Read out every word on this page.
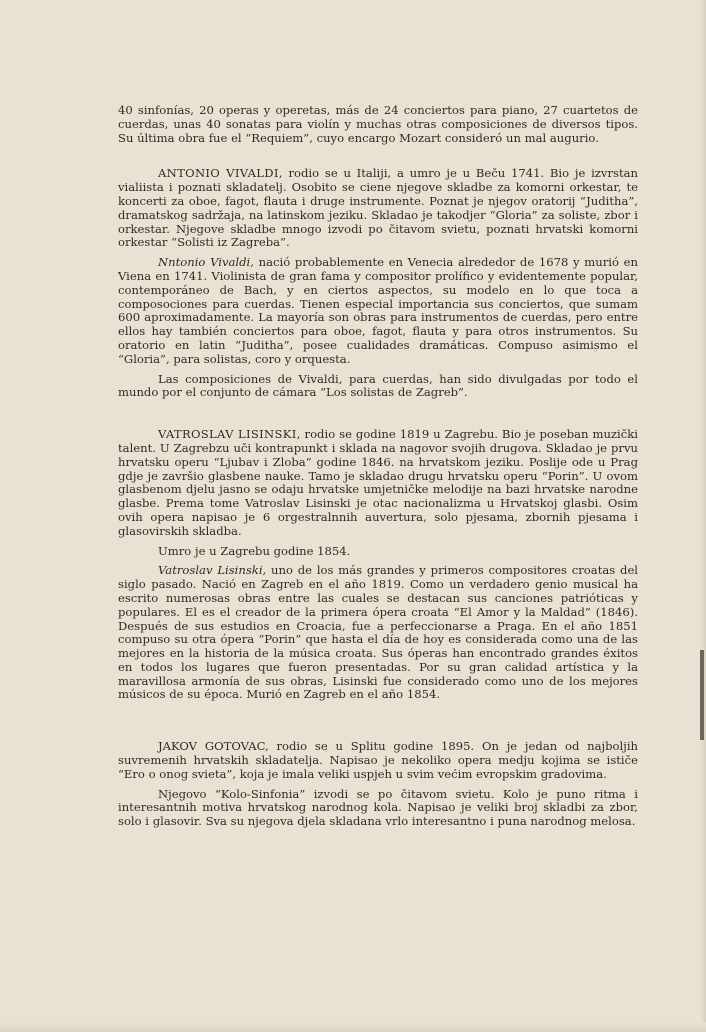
40 sinfonías, 20 operas y operetas, más de 24 conciertos para piano, 27 cuartetos de cuerdas, unas 40 sonatas para violín y muchas otras composiciones de diversos tipos. Su última obra fue el “Requiem”, cuyo encargo Mozart consideró un mal augurio.

ANTONIO VIVALDI, rodio se u Italiji, a umro je u Beču 1741. Bio je izvrstan vialiista i poznati skladatelj. Osobito se ciene njegove skladbe za komorni orkestar, te koncerti za oboe, fagot, flauta i druge instrumente. Poznat je njegov oratorij “Juditha”, dramatskog sadržaja, na latinskom jeziku. Skladao je takodjer “Gloria” za soliste, zbor i orkestar. Njegove skladbe mnogo izvodi po čitavom svietu, poznati hrvatski komorni orkestar “Solisti iz Zagreba”.

Nntonio Vivaldi, nació probablemente en Venecia alrededor de 1678 y murió en Viena en 1741. Violinista de gran fama y compositor prolífico y evidentemente popular, contemporáneo de Bach, y en ciertos aspectos, su modelo en lo que toca a composociones para cuerdas. Tienen especial importancia sus conciertos, que sumam 600 aproximadamente. La mayoría son obras para instrumentos de cuerdas, pero entre ellos hay también conciertos para oboe, fagot, flauta y para otros instrumentos. Su oratorio en latin “Juditha”, posee cualidades dramáticas. Compuso asimismo el “Gloria”, para solistas, coro y orquesta.

Las composiciones de Vivaldi, para cuerdas, han sido divulgadas por todo el mundo por el conjunto de cámara “Los solistas de Zagreb”.

VATROSLAV LISINSKI, rodio se godine 1819 u Zagrebu. Bio je poseban muzički talent. U Zagrebzu uči kontrapunkt i sklada na nagovor svojih drugova. Skladao je prvu hrvatsku operu “Ljubav i Zloba” godine 1846. na hrvatskom jeziku. Poslije ode u Prag gdje je završio glasbene nauke. Tamo je skladao drugu hrvatsku operu “Porin”. U ovom glasbenom djelu jasno se odaju hrvatske umjetničke melodije na bazi hrvatske narodne glasbe. Prema tome Vatroslav Lisinski je otac nacionalizma u Hrvatskoj glasbi. Osim ovih opera napisao je 6 orgestralnnih auvertura, solo pjesama, zbornih pjesama i glasovirskih skladba.

Umro je u Zagrebu godine 1854.

Vatroslav Lisinski, uno de los más grandes y primeros compositores croatas del siglo pasado. Nació en Zagreb en el año 1819. Como un verdadero genio musical ha escrito numerosas obras entre las cuales se destacan sus canciones patrióticas y populares. El es el creador de la primera ópera croata “El Amor y la Maldad” (1846). Después de sus estudios en Croacia, fue a perfeccionarse a Praga. En el año 1851 compuso su otra ópera “Porin” que hasta el día de hoy es considerada como una de las mejores en la historia de la música croata. Sus óperas han encontrado grandes éxitos en todos los lugares que fueron presentadas. Por su gran calidad artística y la maravillosa armonía de sus obras, Lisinski fue considerado como uno de los mejores músicos de su época. Murió en Zagreb en el año 1854.

JAKOV GOTOVAC, rodio se u Splitu godine 1895. On je jedan od najboljih suvremenih hrvatskih skladatelja. Napisao je nekoliko opera medju kojima se ističe “Ero o onog svieta”, koja je imala veliki uspjeh u svim većim evropskim gradovima.

Njegovo “Kolo-Sinfonia” izvodi se po čitavom svietu. Kolo je puno ritma i interesantnih motiva hrvatskog narodnog kola. Napisao je veliki broj skladbi za zbor, solo i glasovir. Sva su njegova djela skladana vrlo interesantno i puna narodnog melosa.
